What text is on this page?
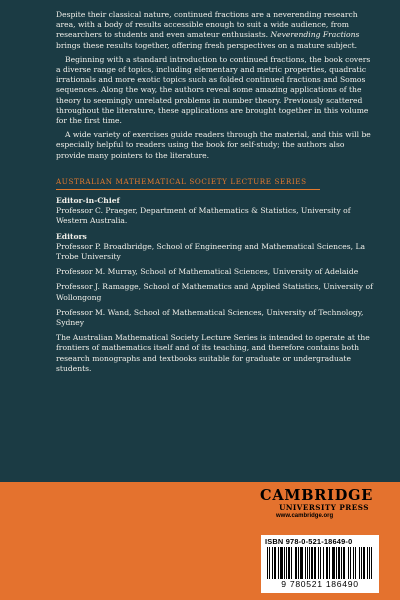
Despite their classical nature, continued fractions are a neverending research area, with a body of results accessible enough to suit a wide audience, from researchers to students and even amateur enthusiasts. Neverending Fractions brings these results together, offering fresh perspectives on a mature subject.

Beginning with a standard introduction to continued fractions, the book covers a diverse range of topics, including elementary and metric properties, quadratic irrationals and more exotic topics such as folded continued fractions and Somos sequences. Along the way, the authors reveal some amazing applications of the theory to seemingly unrelated problems in number theory. Previously scattered throughout the literature, these applications are brought together in this volume for the first time.

A wide variety of exercises guide readers through the material, and this will be especially helpful to readers using the book for self-study; the authors also provide many pointers to the literature.

AUSTRALIAN MATHEMATICAL SOCIETY LECTURE SERIES

Editor-in-Chief

Professor C. Praeger, Department of Mathematics & Statistics, University of Western Australia.

Editors

Professor P. Broadbridge, School of Engineering and Mathematical Sciences, La Trobe University

Professor M. Murray, School of Mathematical Sciences, University of Adelaide

Professor J. Ramagge, School of Mathematics and Applied Statistics, University of Wollongong

Professor M. Wand, School of Mathematical Sciences, University of Technology, Sydney

The Australian Mathematical Society Lecture Series is intended to operate at the frontiers of mathematics itself and of its teaching, and therefore contains both research monographs and textbooks suitable for graduate or undergraduate students.

CAMBRIDGE
UNIVERSITY PRESS
www.cambridge.org
ISBN 978-0-521-18649-0
9 780521 186490
